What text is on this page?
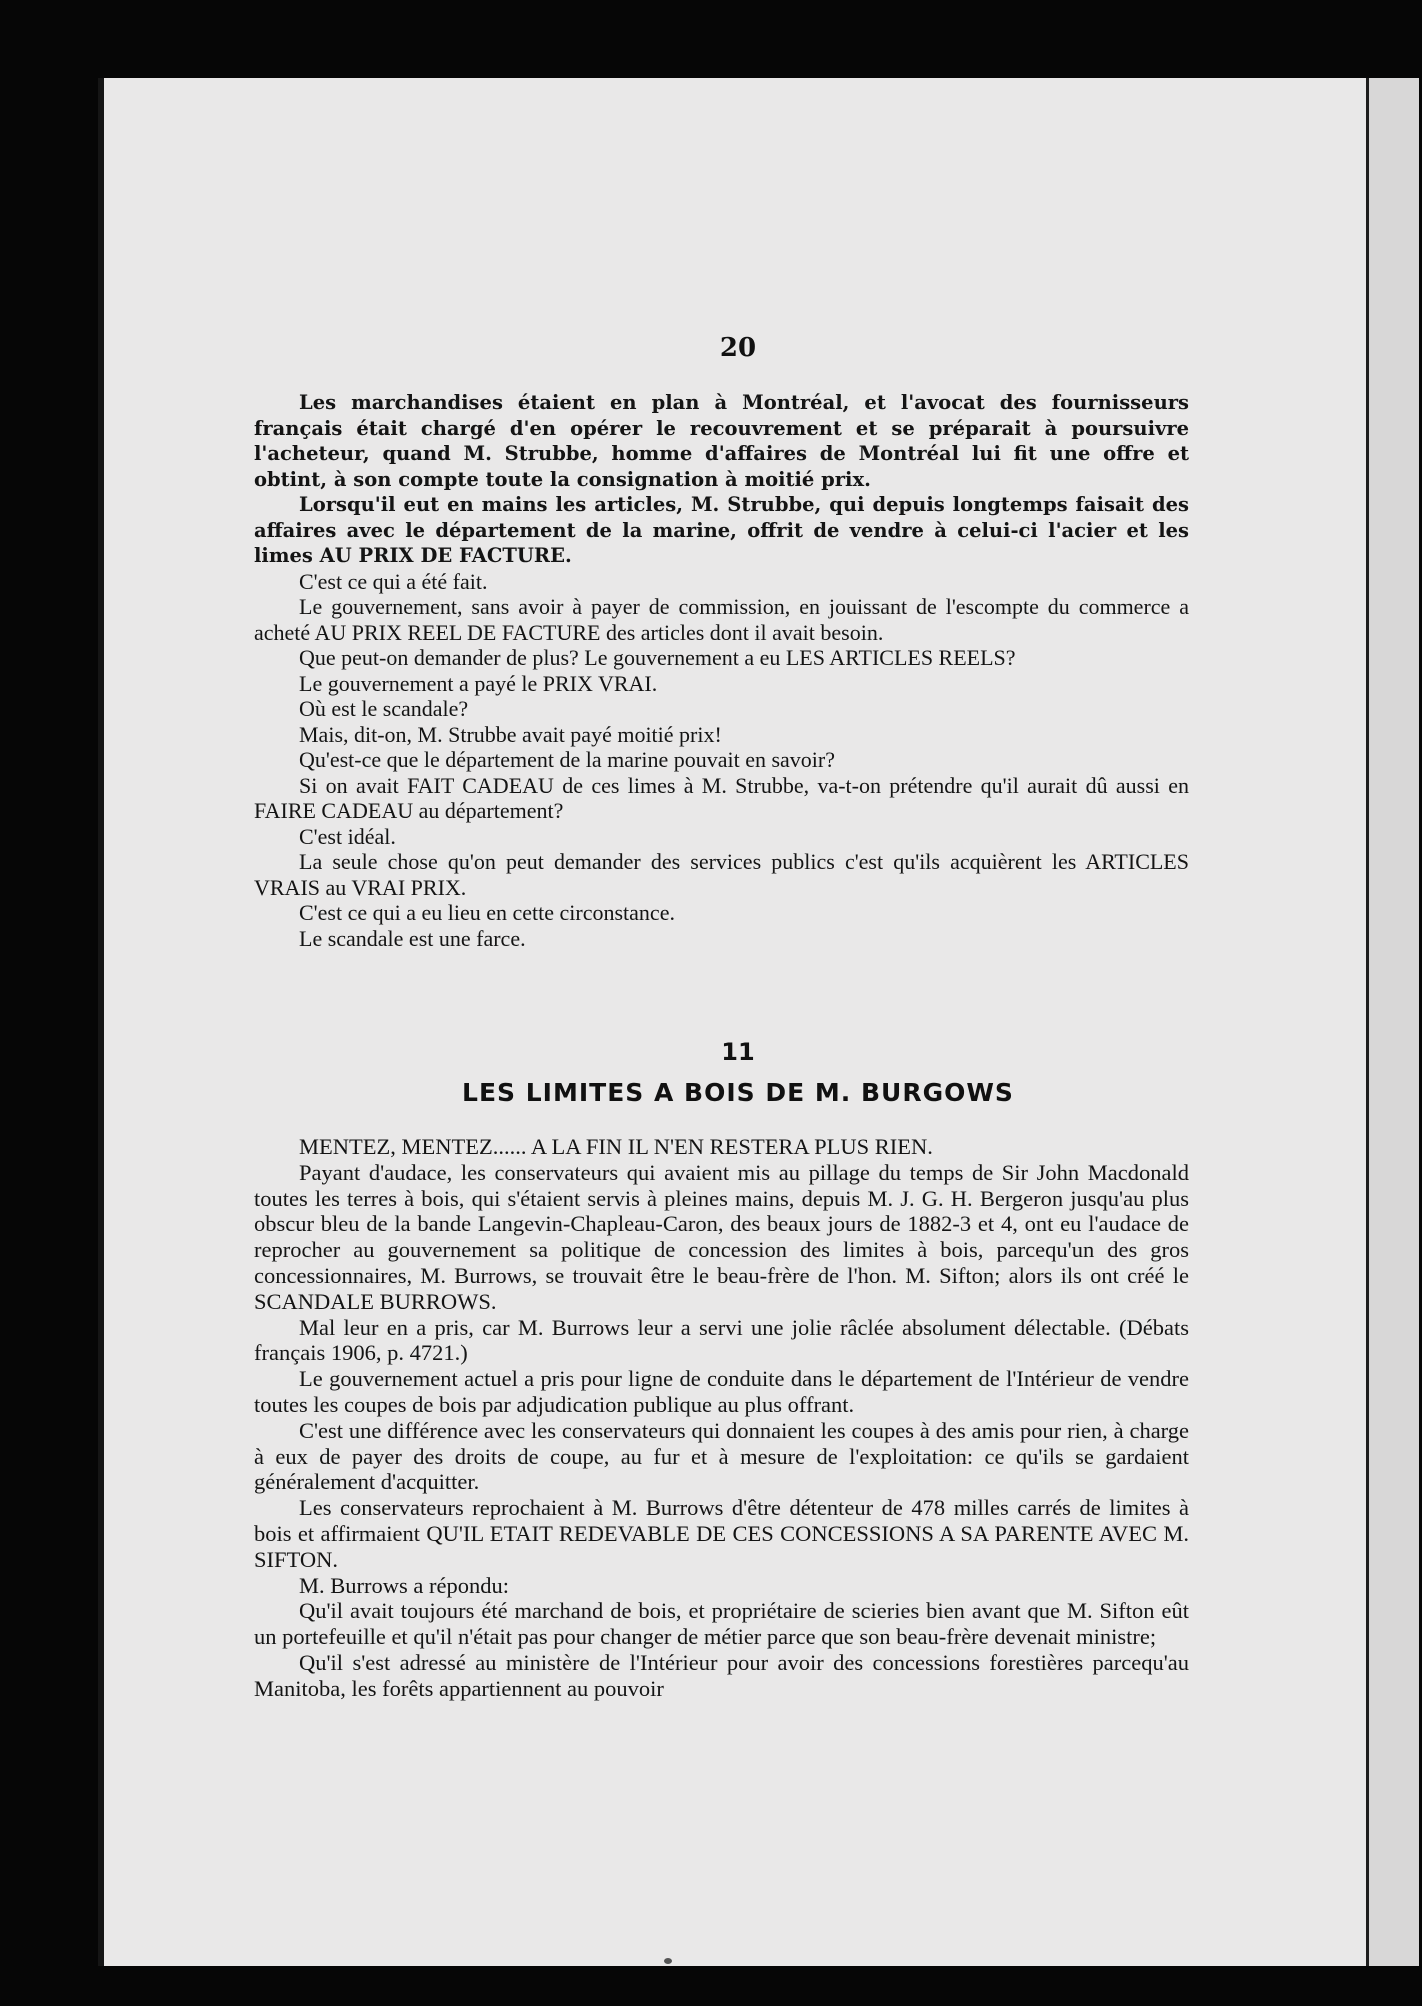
20

Les marchandises étaient en plan à Montréal, et l'avocat des fournisseurs français était chargé d'en opérer le recouvrement et se préparait à poursuivre l'acheteur, quand M. Strubbe, homme d'affaires de Montréal lui fit une offre et obtint, à son compte toute la consignation à moitié prix.

Lorsqu'il eut en mains les articles, M. Strubbe, qui depuis longtemps faisait des affaires avec le département de la marine, offrit de vendre à celui-ci l'acier et les limes AU PRIX DE FACTURE.

C'est ce qui a été fait.

Le gouvernement, sans avoir à payer de commission, en jouissant de l'escompte du commerce a acheté AU PRIX REEL DE FACTURE des articles dont il avait besoin.

Que peut-on demander de plus? Le gouvernement a eu LES ARTICLES REELS?

Le gouvernement a payé le PRIX VRAI.

Où est le scandale?

Mais, dit-on, M. Strubbe avait payé moitié prix!

Qu'est-ce que le département de la marine pouvait en savoir?

Si on avait FAIT CADEAU de ces limes à M. Strubbe, va-t-on prétendre qu'il aurait dû aussi en FAIRE CADEAU au département?

C'est idéal.

La seule chose qu'on peut demander des services publics c'est qu'ils acquièrent les ARTICLES VRAIS au VRAI PRIX.

C'est ce qui a eu lieu en cette circonstance.

Le scandale est une farce.

11
LES LIMITES A BOIS DE M. BURGOWS

MENTEZ, MENTEZ...... A LA FIN IL N'EN RESTERA PLUS RIEN.

Payant d'audace, les conservateurs qui avaient mis au pillage du temps de Sir John Macdonald toutes les terres à bois, qui s'étaient servis à pleines mains, depuis M. J. G. H. Bergeron jusqu'au plus obscur bleu de la bande Langevin-Chapleau-Caron, des beaux jours de 1882-3 et 4, ont eu l'audace de reprocher au gouvernement sa politique de concession des limites à bois, parcequ'un des gros concessionnaires, M. Burrows, se trouvait être le beau-frère de l'hon. M. Sifton; alors ils ont créé le SCANDALE BURROWS.

Mal leur en a pris, car M. Burrows leur a servi une jolie râclée absolument délectable. (Débats français 1906, p. 4721.)

Le gouvernement actuel a pris pour ligne de conduite dans le département de l'Intérieur de vendre toutes les coupes de bois par adjudication publique au plus offrant.

C'est une différence avec les conservateurs qui donnaient les coupes à des amis pour rien, à charge à eux de payer des droits de coupe, au fur et à mesure de l'exploitation: ce qu'ils se gardaient généralement d'acquitter.

Les conservateurs reprochaient à M. Burrows d'être détenteur de 478 milles carrés de limites à bois et affirmaient QU'IL ETAIT REDEVABLE DE CES CONCESSIONS A SA PARENTE AVEC M. SIFTON.

M. Burrows a répondu:

Qu'il avait toujours été marchand de bois, et propriétaire de scieries bien avant que M. Sifton eût un portefeuille et qu'il n'était pas pour changer de métier parce que son beau-frère devenait ministre;

Qu'il s'est adressé au ministère de l'Intérieur pour avoir des concessions forestières parcequ'au Manitoba, les forêts appartiennent au pouvoir
